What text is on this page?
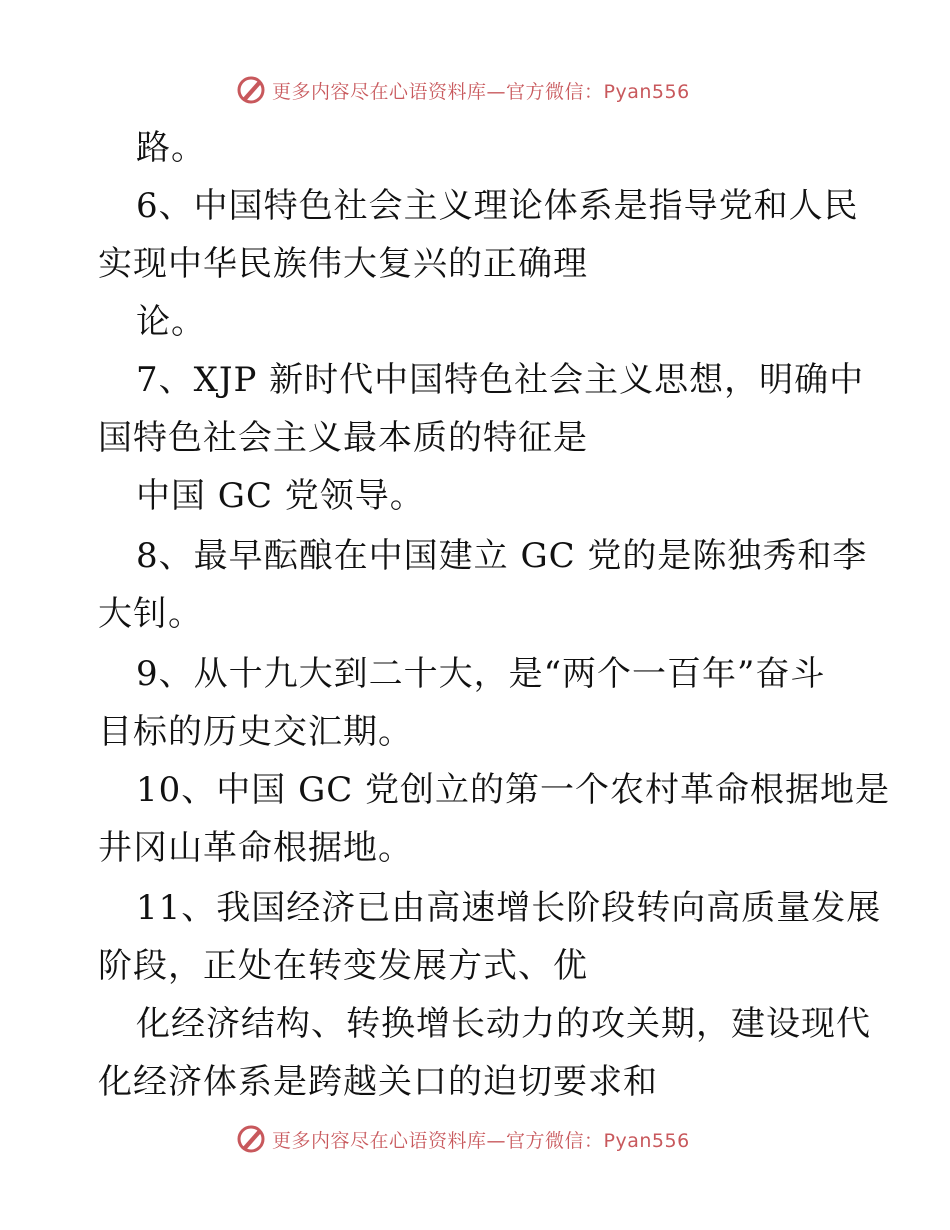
更多内容尽在心语资料库—官方微信：Pyan556
路。
6、中国特色社会主义理论体系是指导党和人民
实现中华民族伟大复兴的正确理
论。
7、XJP 新时代中国特色社会主义思想，明确中
国特色社会主义最本质的特征是
中国 GC 党领导。
8、最早酝酿在中国建立 GC 党的是陈独秀和李
大钊。
9、从十九大到二十大，是“两个一百年”奋斗
目标的历史交汇期。
10、中国 GC 党创立的第一个农村革命根据地是
井冈山革命根据地。
11、我国经济已由高速增长阶段转向高质量发展
阶段，正处在转变发展方式、优
化经济结构、转换增长动力的攻关期，建设现代
化经济体系是跨越关口的迫切要求和
更多内容尽在心语资料库—官方微信：Pyan556
